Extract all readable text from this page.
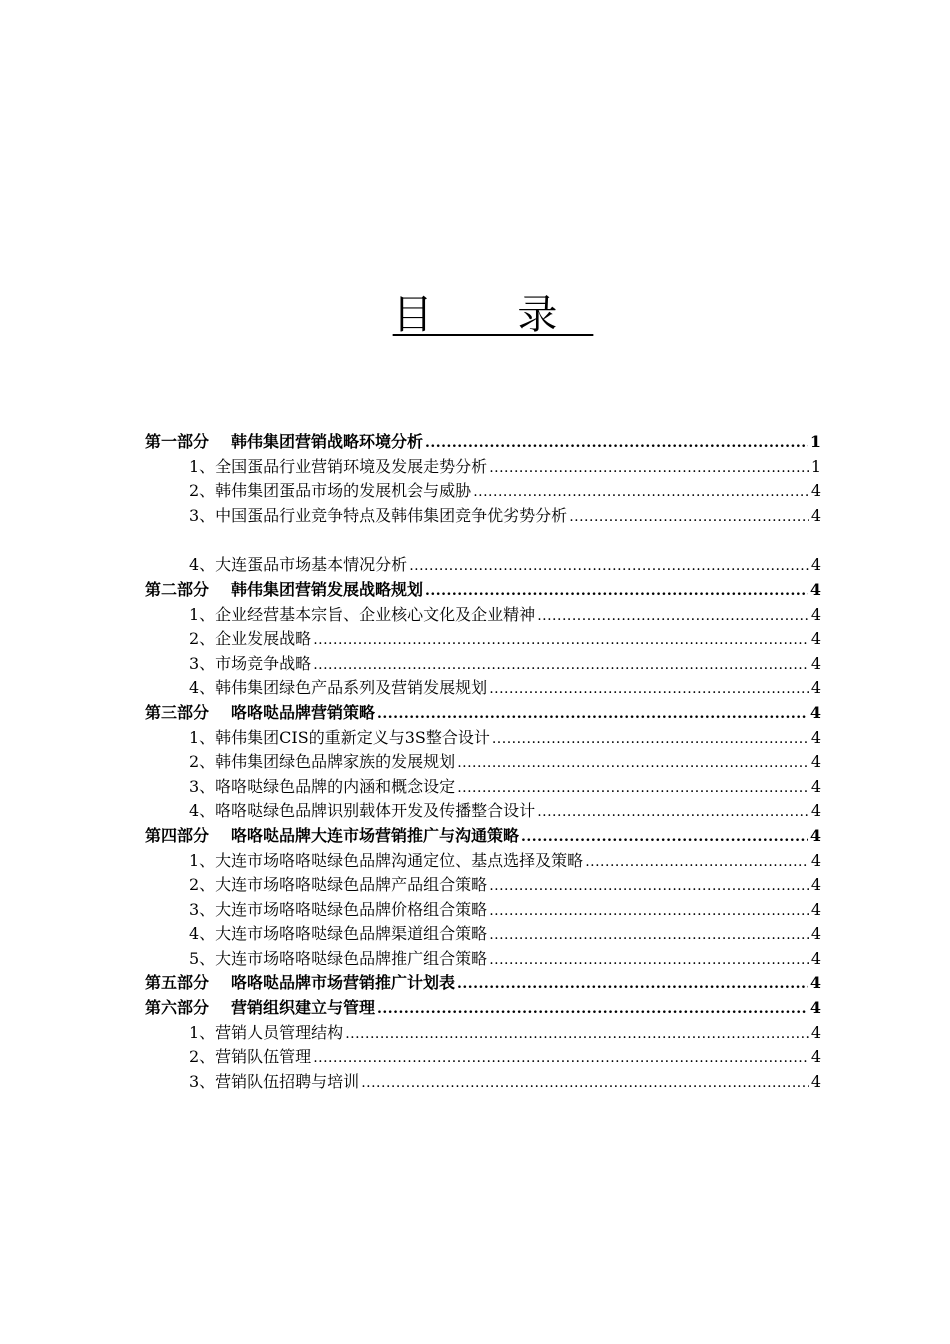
目 录
第一部分 韩伟集团营销战略环境分析 .....	1
1、全国蛋品行业营销环境及发展走势分析 .....	1
2、韩伟集团蛋品市场的发展机会与威胁 .....	4
3、中国蛋品行业竞争特点及韩伟集团竞争优劣势分析 .....	4
4、大连蛋品市场基本情况分析 .....	4
第二部分 韩伟集团营销发展战略规划 .....	4
1、企业经营基本宗旨、企业核心文化及企业精神 .....	4
2、企业发展战略 .....	4
3、市场竞争战略 .....	4
4、韩伟集团绿色产品系列及营销发展规划 .....	4
第三部分 咯咯哒品牌营销策略 .....	4
1、韩伟集团CIS的重新定义与3S整合设计 .....	4
2、韩伟集团绿色品牌家族的发展规划 .....	4
3、咯咯哒绿色品牌的内涵和概念设定 .....	4
4、咯咯哒绿色品牌识别载体开发及传播整合设计 .....	4
第四部分 咯咯哒品牌大连市场营销推广与沟通策略 .....	4
1、大连市场咯咯哒绿色品牌沟通定位、基点选择及策略 .....	4
2、大连市场咯咯哒绿色品牌产品组合策略 .....	4
3、大连市场咯咯哒绿色品牌价格组合策略 .....	4
4、大连市场咯咯哒绿色品牌渠道组合策略 .....	4
5、大连市场咯咯哒绿色品牌推广组合策略 .....	4
第五部分 咯咯哒品牌市场营销推广计划表 .....	4
第六部分 营销组织建立与管理 .....	4
1、营销人员管理结构 .....	4
2、营销队伍管理 .....	4
3、营销队伍招聘与培训 .....	4
